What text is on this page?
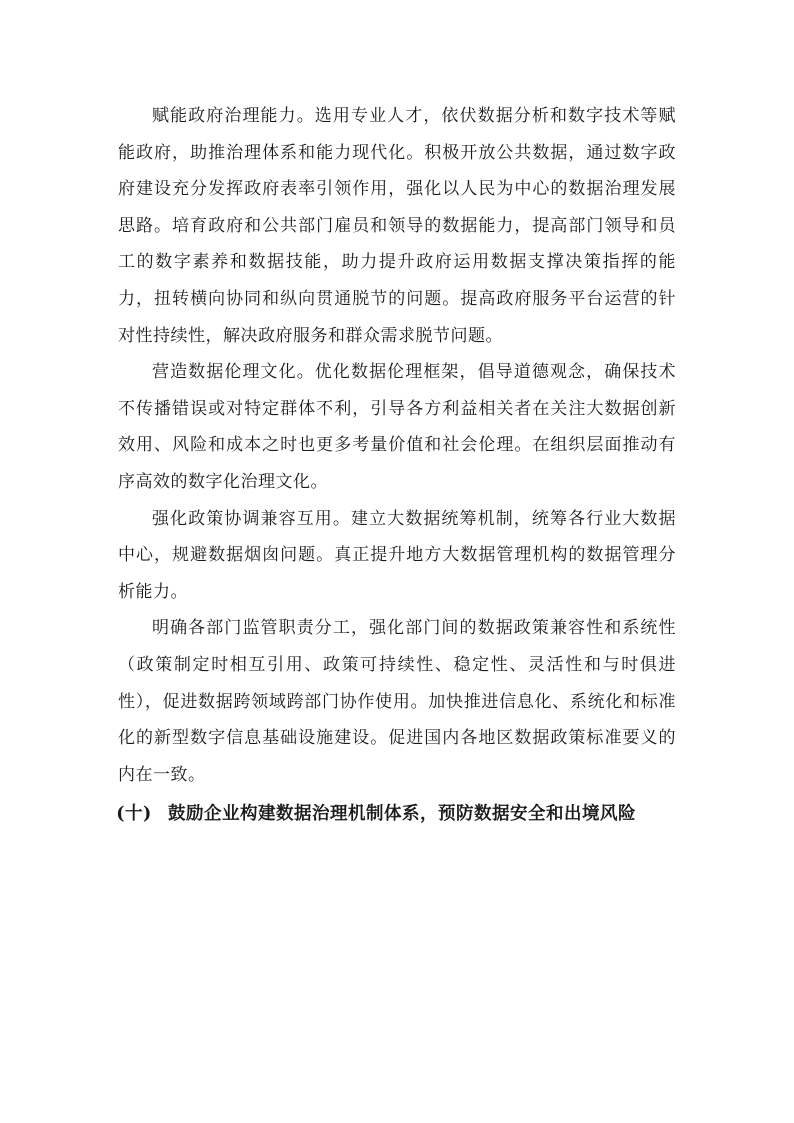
赋能政府治理能力。选用专业人才，依伏数据分析和数字技术等赋能政府，助推治理体系和能力现代化。积极开放公共数据，通过数字政府建设充分发挥政府表率引领作用，强化以人民为中心的数据治理发展思路。培育政府和公共部门雇员和领导的数据能力，提高部门领导和员工的数字素养和数据技能，助力提升政府运用数据支撑决策指挥的能力，扭转横向协同和纵向贯通脱节的问题。提高政府服务平台运营的针对性持续性，解决政府服务和群众需求脱节问题。

营造数据伦理文化。优化数据伦理框架，倡导道德观念，确保技术不传播错误或对特定群体不利，引导各方利益相关者在关注大数据创新效用、风险和成本之时也更多考量价值和社会伦理。在组织层面推动有序高效的数字化治理文化。

强化政策协调兼容互用。建立大数据统筹机制，统筹各行业大数据中心，规避数据烟囱问题。真正提升地方大数据管理机构的数据管理分析能力。

明确各部门监管职责分工，强化部门间的数据政策兼容性和系统性（政策制定时相互引用、政策可持续性、稳定性、灵活性和与时俱进性），促进数据跨领域跨部门协作使用。加快推进信息化、系统化和标准化的新型数字信息基础设施建设。促进国内各地区数据政策标准要义的内在一致。

(十) 鼓励企业构建数据治理机制体系，预防数据安全和出境风险
